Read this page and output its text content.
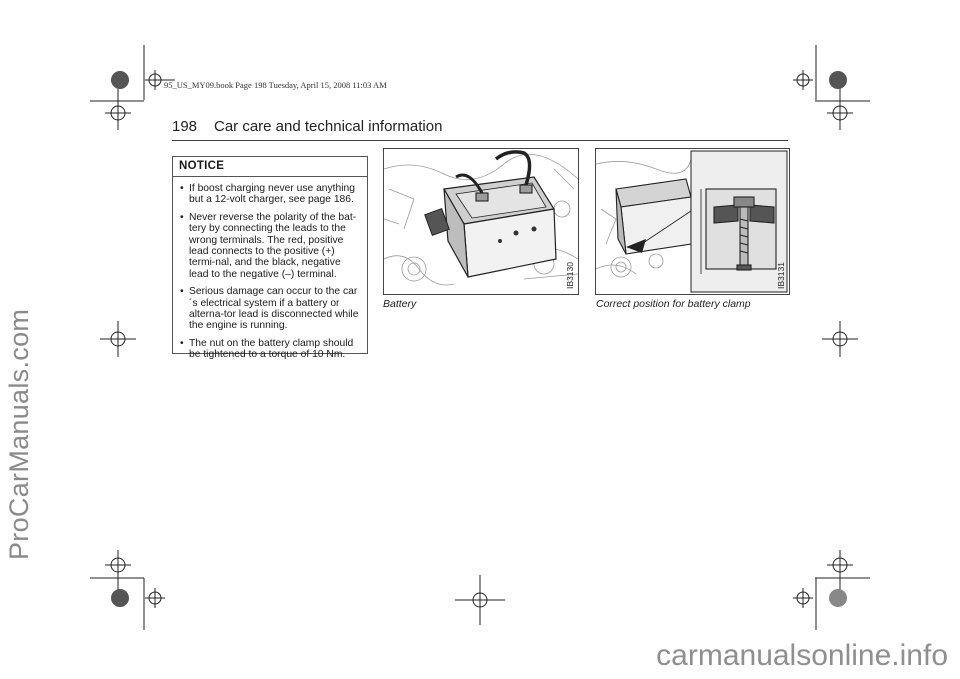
ProCarManuals.com
95_US_MY09.book Page 198 Tuesday, April 15, 2008 11:03 AM
198 Car care and technical information
NOTICE
• If boost charging never use anything but a 12-volt charger, see page 186.
• Never reverse the polarity of the bat-tery by connecting the leads to the wrong terminals. The red, positive lead connects to the positive (+) termi-nal, and the black, negative lead to the negative (–) terminal.
• Serious damage can occur to the car´s electrical system if a battery or alterna-tor lead is disconnected while the engine is running.
• The nut on the battery clamp should be tightened to a torque of 10 Nm.
IB3130
Battery
IB3131
Correct position for battery clamp
carmanualsonline.info
